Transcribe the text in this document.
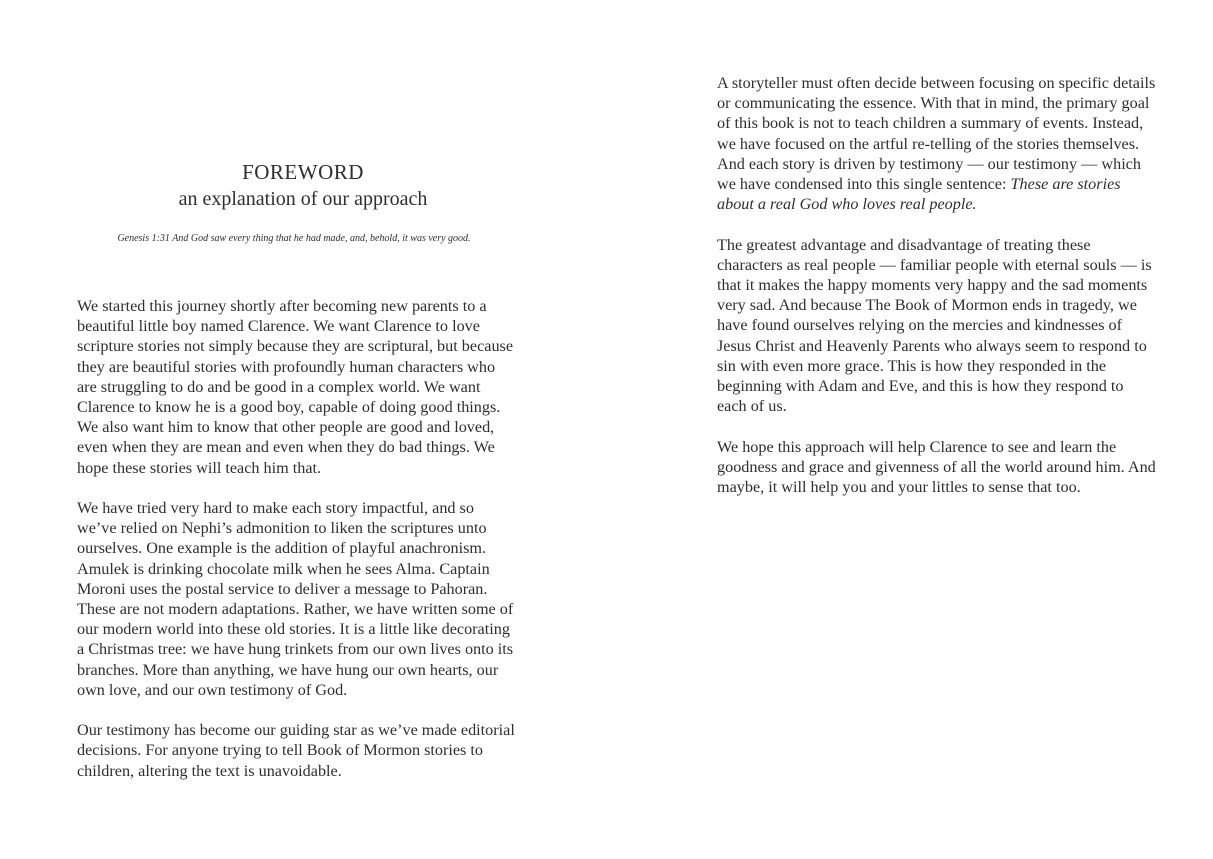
FOREWORD
an explanation of our approach
Genesis 1:31 And God saw every thing that he had made, and, behold, it was very good.

We started this journey shortly after becoming new parents to a beautiful little boy named Clarence. We want Clarence to love scripture stories not simply because they are scriptural, but because they are beautiful stories with profoundly human characters who are struggling to do and be good in a complex world. We want Clarence to know he is a good boy, capable of doing good things. We also want him to know that other people are good and loved, even when they are mean and even when they do bad things. We hope these stories will teach him that.

We have tried very hard to make each story impactful, and so we’ve relied on Nephi’s admonition to liken the scriptures unto ourselves. One example is the addition of playful anachronism. Amulek is drinking chocolate milk when he sees Alma. Captain Moroni uses the postal service to deliver a message to Pahoran. These are not modern adaptations. Rather, we have written some of our modern world into these old stories. It is a little like decorating a Christmas tree: we have hung trinkets from our own lives onto its branches. More than anything, we have hung our own hearts, our own love, and our own testimony of God.

Our testimony has become our guiding star as we’ve made editorial decisions. For anyone trying to tell Book of Mormon stories to children, altering the text is unavoidable.

A storyteller must often decide between focusing on specific details or communicating the essence. With that in mind, the primary goal of this book is not to teach children a summary of events. Instead, we have focused on the artful re-telling of the stories themselves. And each story is driven by testimony — our testimony — which we have condensed into this single sentence: These are stories about a real God who loves real people.

The greatest advantage and disadvantage of treating these characters as real people — familiar people with eternal souls — is that it makes the happy moments very happy and the sad moments very sad. And because The Book of Mormon ends in tragedy, we have found ourselves relying on the mercies and kindnesses of Jesus Christ and Heavenly Parents who always seem to respond to sin with even more grace. This is how they responded in the beginning with Adam and Eve, and this is how they respond to each of us.

We hope this approach will help Clarence to see and learn the goodness and grace and givenness of all the world around him. And maybe, it will help you and your littles to sense that too.
